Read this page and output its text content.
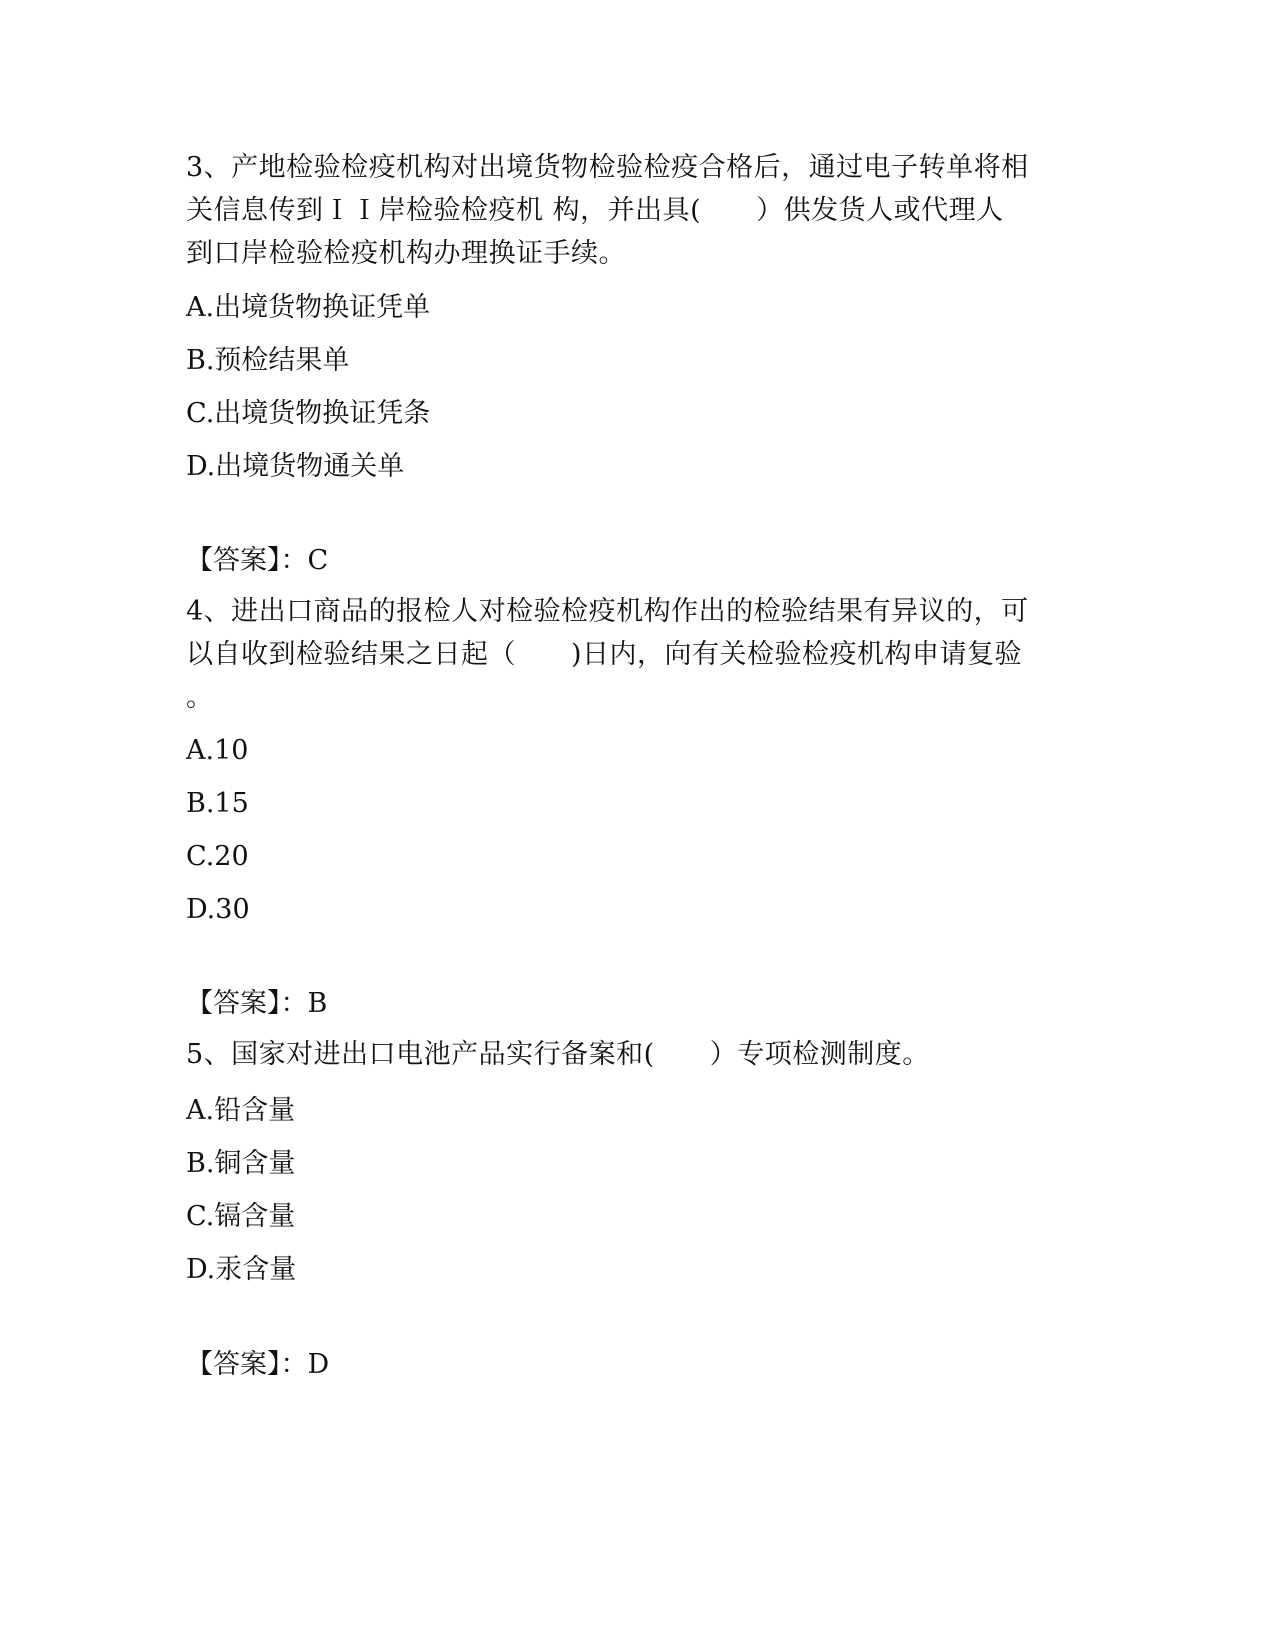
3、产地检验检疫机构对出境货物检验检疫合格后，通过电子转单将相
关信息传到ＩＩ岸检验检疫机 构，并出具(　　）供发货人或代理人
到口岸检验检疫机构办理换证手续。
A.出境货物换证凭单
B.预检结果单
C.出境货物换证凭条
D.出境货物通关单
【答案】：C
4、进出口商品的报检人对检验检疫机构作出的检验结果有异议的，可
以自收到检验结果之日起（　　)日内，向有关检验检疫机构申请复验
。
A.10
B.15
C.20
D.30
【答案】：B
5、国家对进出口电池产品实行备案和(　　）专项检测制度。
A.铅含量
B.铜含量
C.镉含量
D.汞含量
【答案】：D
